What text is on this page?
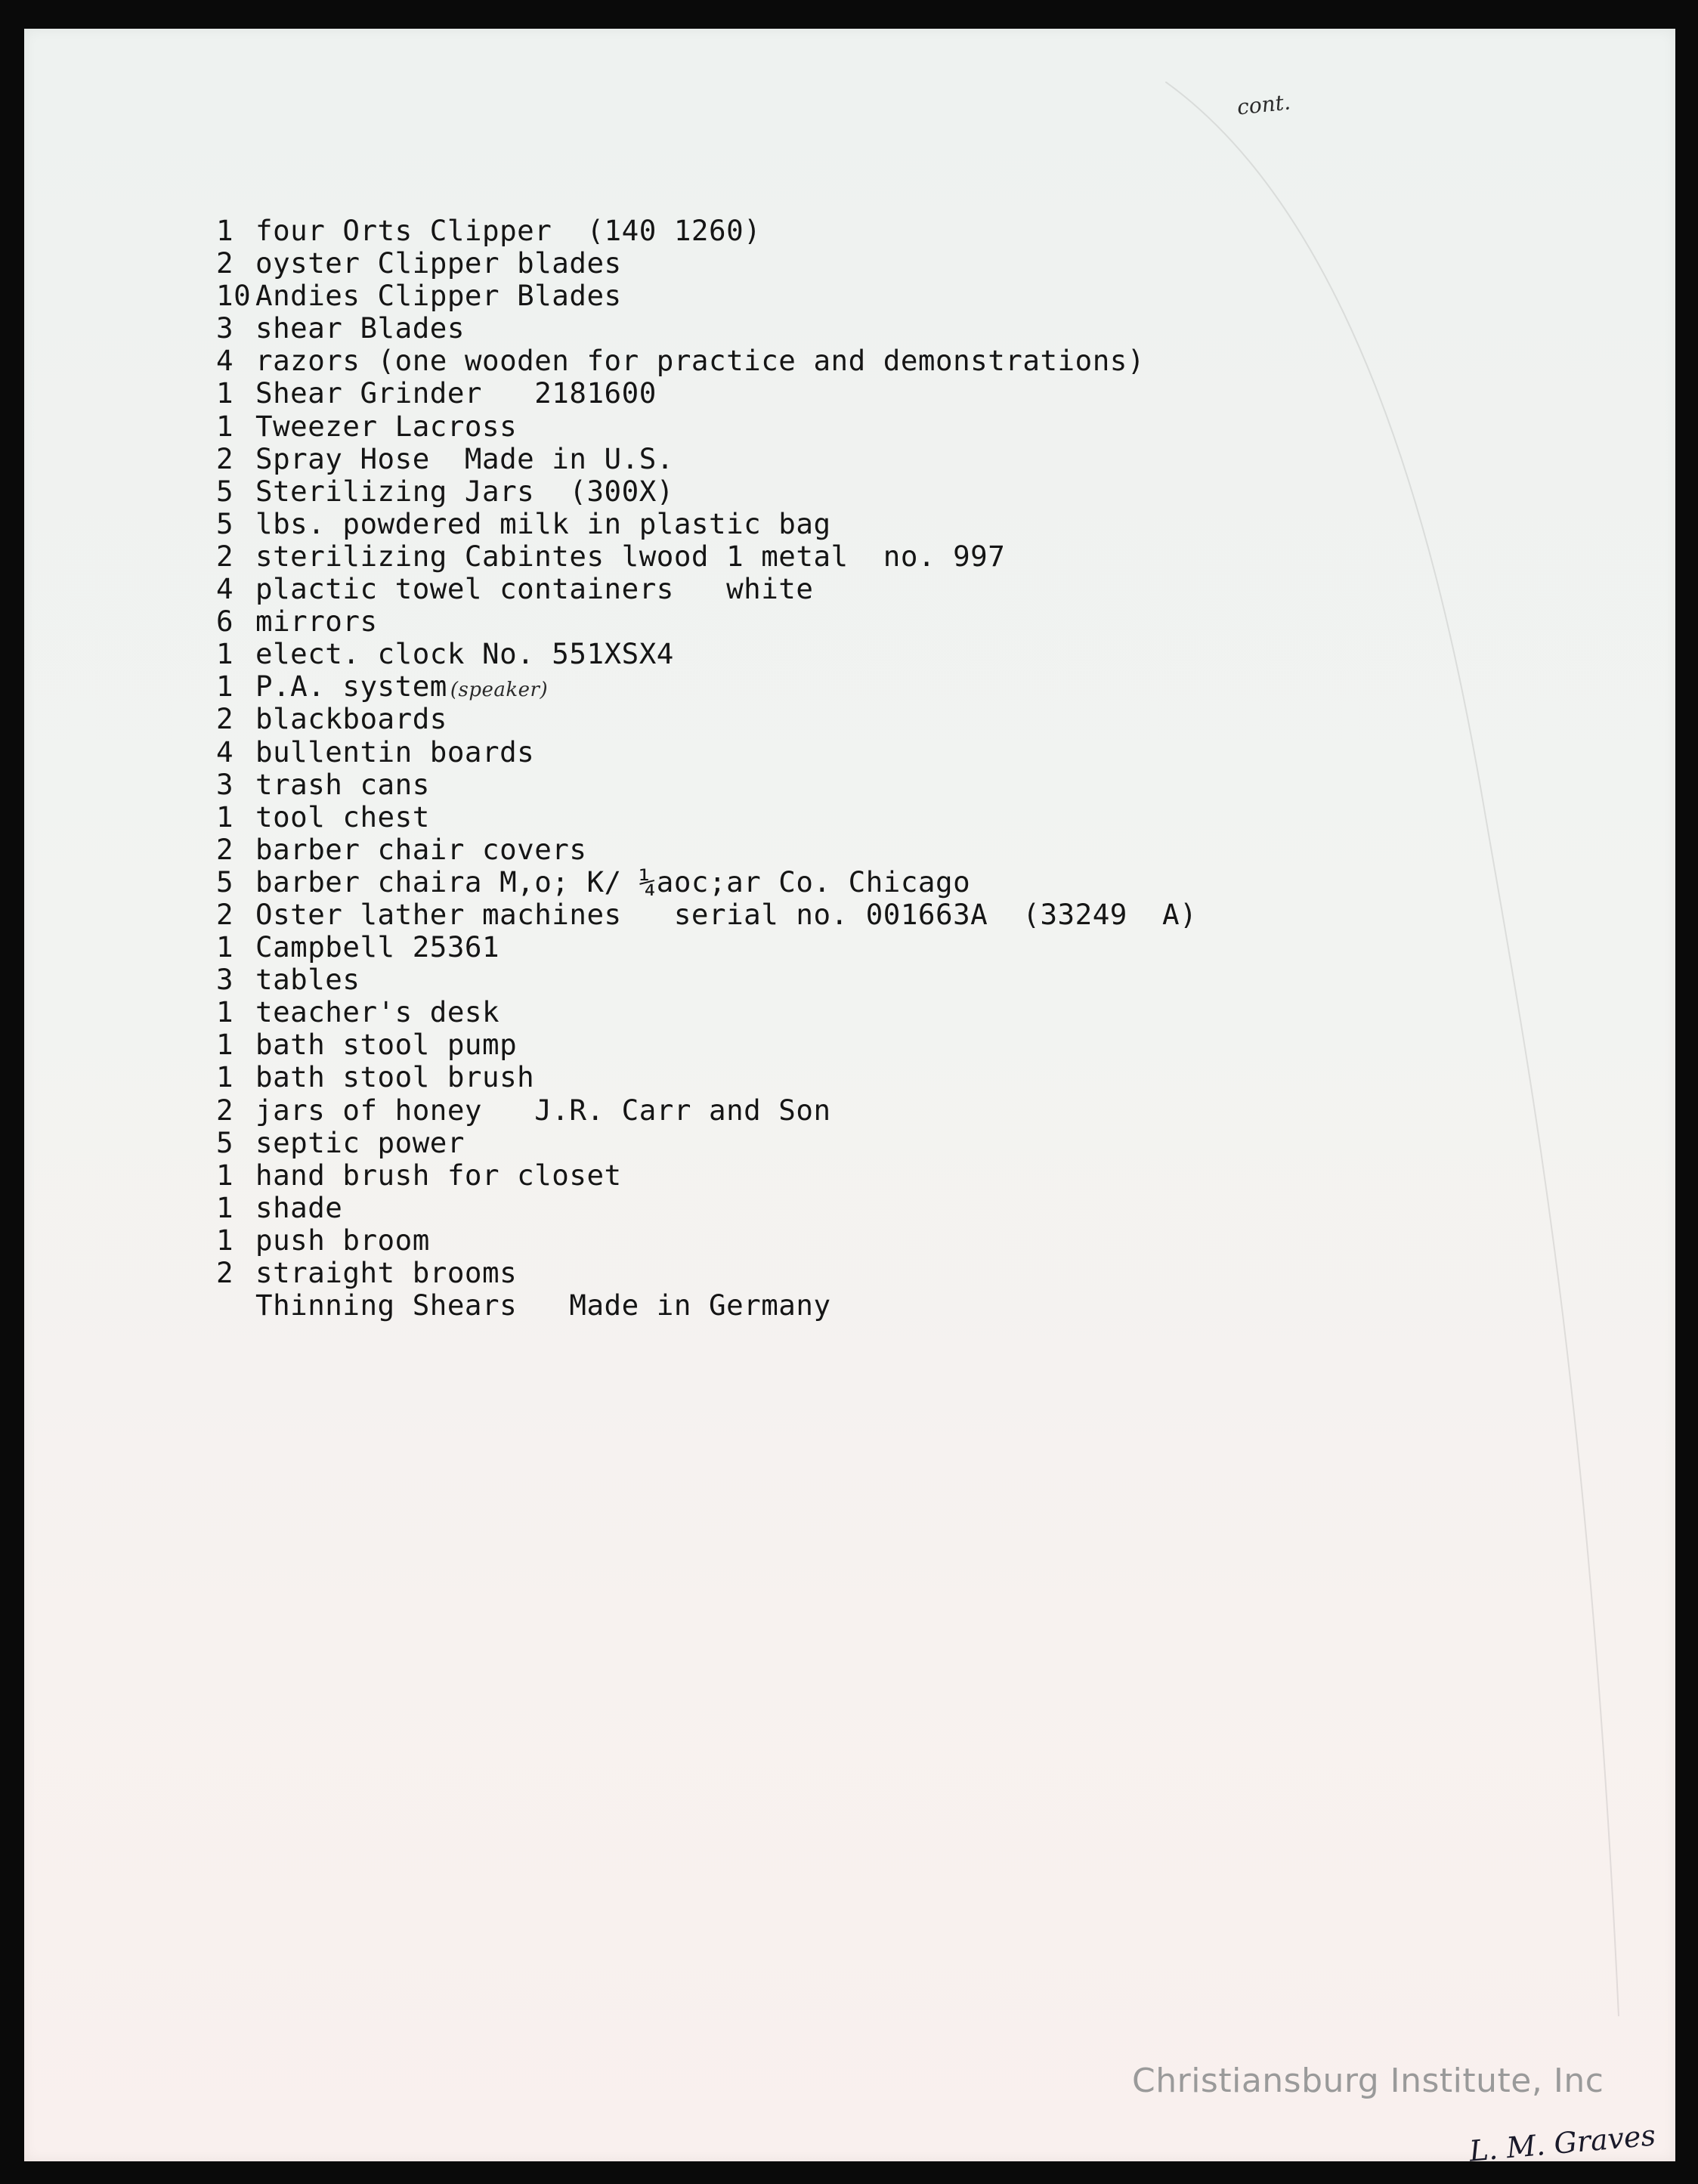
cont.
1 four Orts Clipper  (140 1260)
2 oyster Clipper blades
10 Andies Clipper Blades
3 shear Blades
4 razors (one wooden for practice and demonstrations)
1 Shear Grinder   2181600
1 Tweezer Lacross
2 Spray Hose  Made in U.S.
5 Sterilizing Jars  (300X)
5 lbs. powdered milk in plastic bag
2 sterilizing Cabintes lwood 1 metal  no. 997
4 plactic towel containers   white
6 mirrors
1 elect. clock No. 551XSX4
1 P.A. system (speaker)
2 blackboards
4 bullentin boards
3 trash cans
1 tool chest
2 barber chair covers
5 barber chaira M,o; K/ ¼aoc;ar Co. Chicago
2 Oster lather machines   serial no. 001663A  (33249  A)
1 Campbell 25361
3 tables
1 teacher's desk
1 bath stool pump
1 bath stool brush
2 jars of honey   J.R. Carr and Son
5 septic power
1 hand brush for closet
1 shade
1 push broom
2 straight brooms
Thinning Shears   Made in Germany
Christiansburg Institute, Inc
L. M. Graves
